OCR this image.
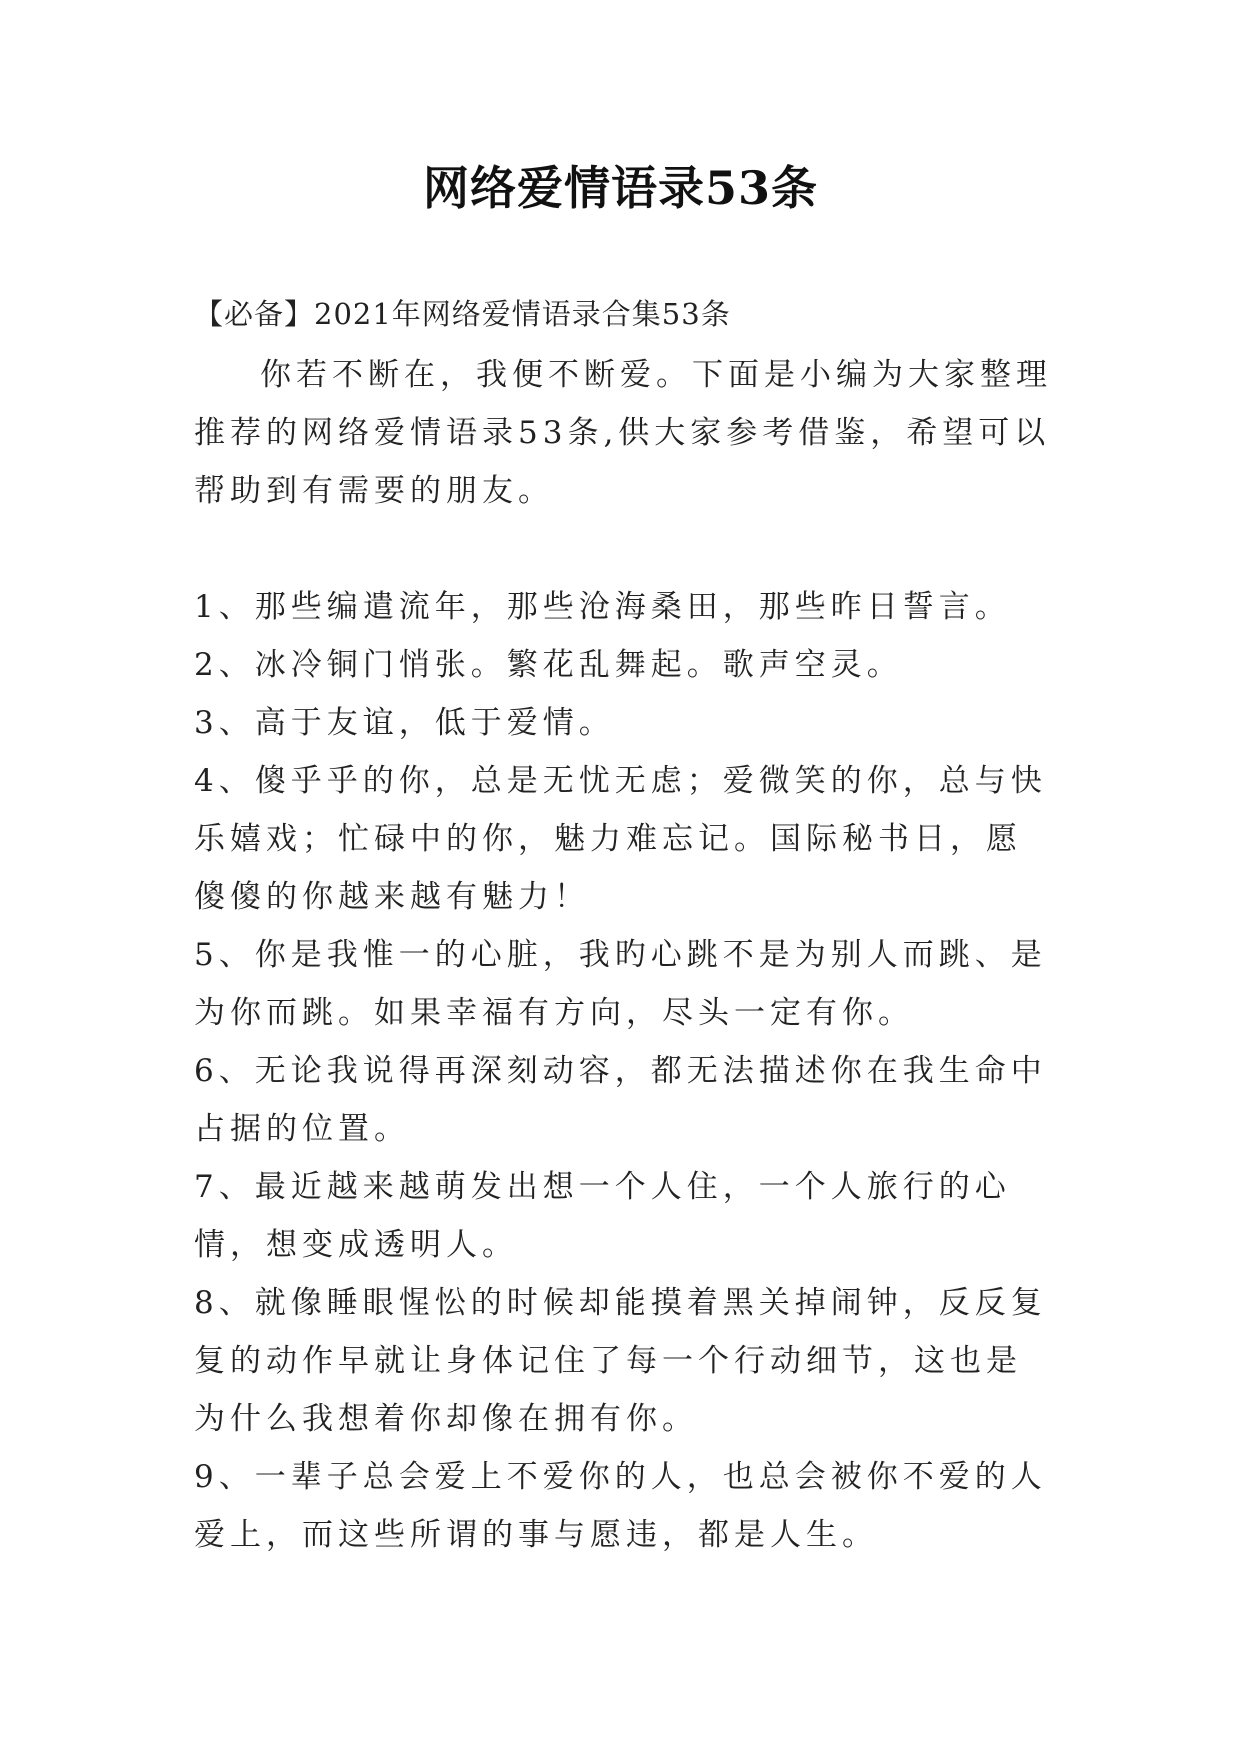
网络爱情语录53条
【必备】2021年网络爱情语录合集53条

你若不断在，我便不断爱。下面是小编为大家整理推荐的网络爱情语录53条,供大家参考借鉴，希望可以帮助到有需要的朋友。

1、那些编遣流年，那些沧海桑田，那些昨日誓言。

2、冰冷铜门悄张。繁花乱舞起。歌声空灵。

3、高于友谊，低于爱情。

4、傻乎乎的你，总是无忧无虑；爱微笑的你，总与快乐嬉戏；忙碌中的你，魅力难忘记。国际秘书日，愿傻傻的你越来越有魅力！

5、你是我惟一的心脏，我旳心跳不是为别人而跳、是为你而跳。如果幸福有方向，尽头一定有你。

6、无论我说得再深刻动容，都无法描述你在我生命中占据的位置。

7、最近越来越萌发出想一个人住，一个人旅行的心情，想变成透明人。

8、就像睡眼惺忪的时候却能摸着黑关掉闹钟，反反复复的动作早就让身体记住了每一个行动细节，这也是为什么我想着你却像在拥有你。

9、一辈子总会爱上不爱你的人，也总会被你不爱的人爱上，而这些所谓的事与愿违，都是人生。
